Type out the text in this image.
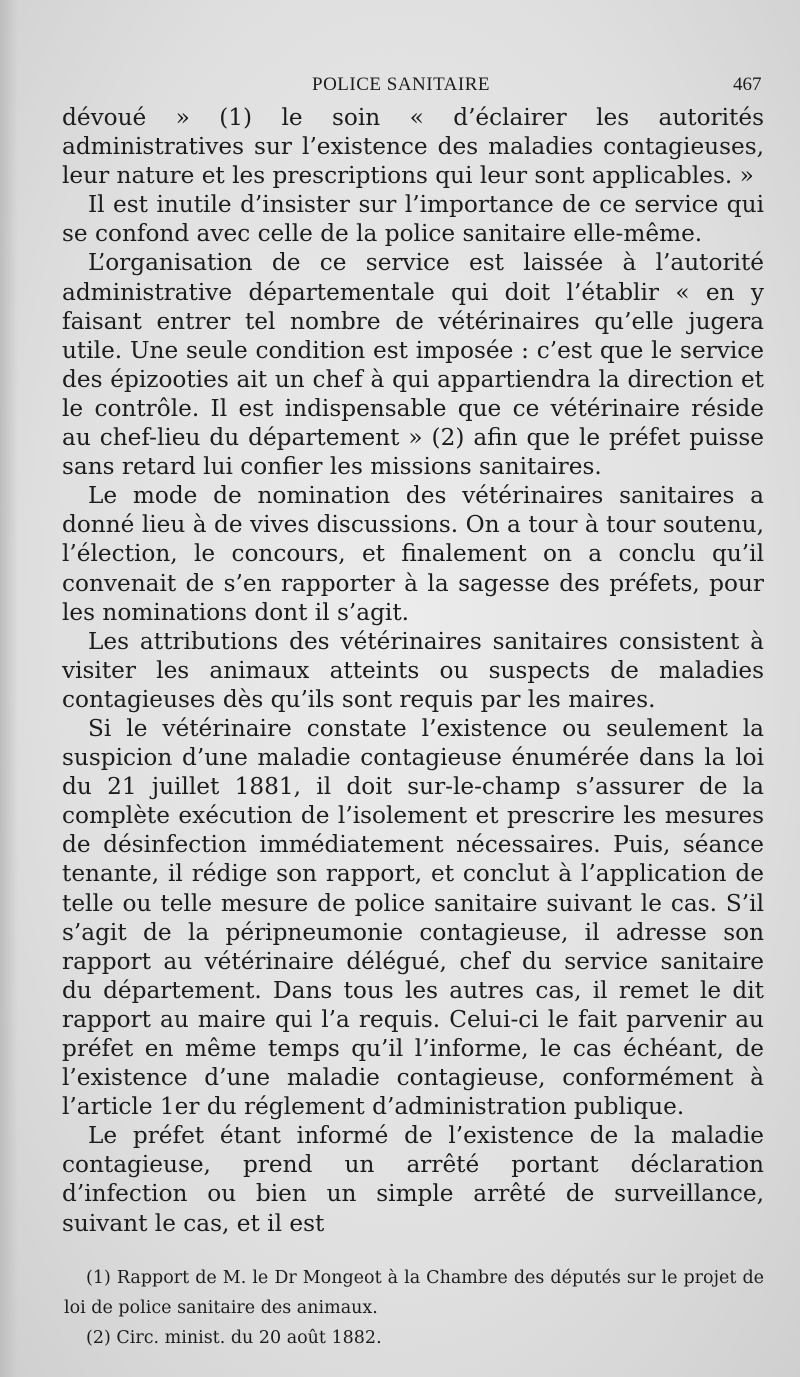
POLICE SANITAIRE	467

dévoué » (1) le soin « d’éclairer les autorités administratives sur l’existence des maladies contagieuses, leur nature et les prescriptions qui leur sont applicables. »

Il est inutile d’insister sur l’importance de ce service qui se confond avec celle de la police sanitaire elle-même.

L’organisation de ce service est laissée à l’autorité administrative départementale qui doit l’établir « en y faisant entrer tel nombre de vétérinaires qu’elle jugera utile. Une seule condition est imposée : c’est que le service des épizooties ait un chef à qui appartiendra la direction et le contrôle. Il est indispensable que ce vétérinaire réside au chef-lieu du département » (2) afin que le préfet puisse sans retard lui confier les missions sanitaires.

Le mode de nomination des vétérinaires sanitaires a donné lieu à de vives discussions. On a tour à tour soutenu, l’élection, le concours, et finalement on a conclu qu’il convenait de s’en rapporter à la sagesse des préfets, pour les nominations dont il s’agit.

Les attributions des vétérinaires sanitaires consistent à visiter les animaux atteints ou suspects de maladies contagieuses dès qu’ils sont requis par les maires.

Si le vétérinaire constate l’existence ou seulement la suspicion d’une maladie contagieuse énumérée dans la loi du 21 juillet 1881, il doit sur-le-champ s’assurer de la complète exécution de l’isolement et prescrire les mesures de désinfection immédiatement nécessaires. Puis, séance tenante, il rédige son rapport, et conclut à l’application de telle ou telle mesure de police sanitaire suivant le cas. S’il s’agit de la péripneumonie contagieuse, il adresse son rapport au vétérinaire délégué, chef du service sanitaire du département. Dans tous les autres cas, il remet le dit rapport au maire qui l’a requis. Celui-ci le fait parvenir au préfet en même temps qu’il l’informe, le cas échéant, de l’existence d’une maladie contagieuse, conformément à l’article 1er du réglement d’administration publique.

Le préfet étant informé de l’existence de la maladie contagieuse, prend un arrêté portant déclaration d’infection ou bien un simple arrêté de surveillance, suivant le cas, et il est

(1) Rapport de M. le Dr Mongeot à la Chambre des députés sur le projet de loi de police sanitaire des animaux.

(2) Circ. minist. du 20 août 1882.
